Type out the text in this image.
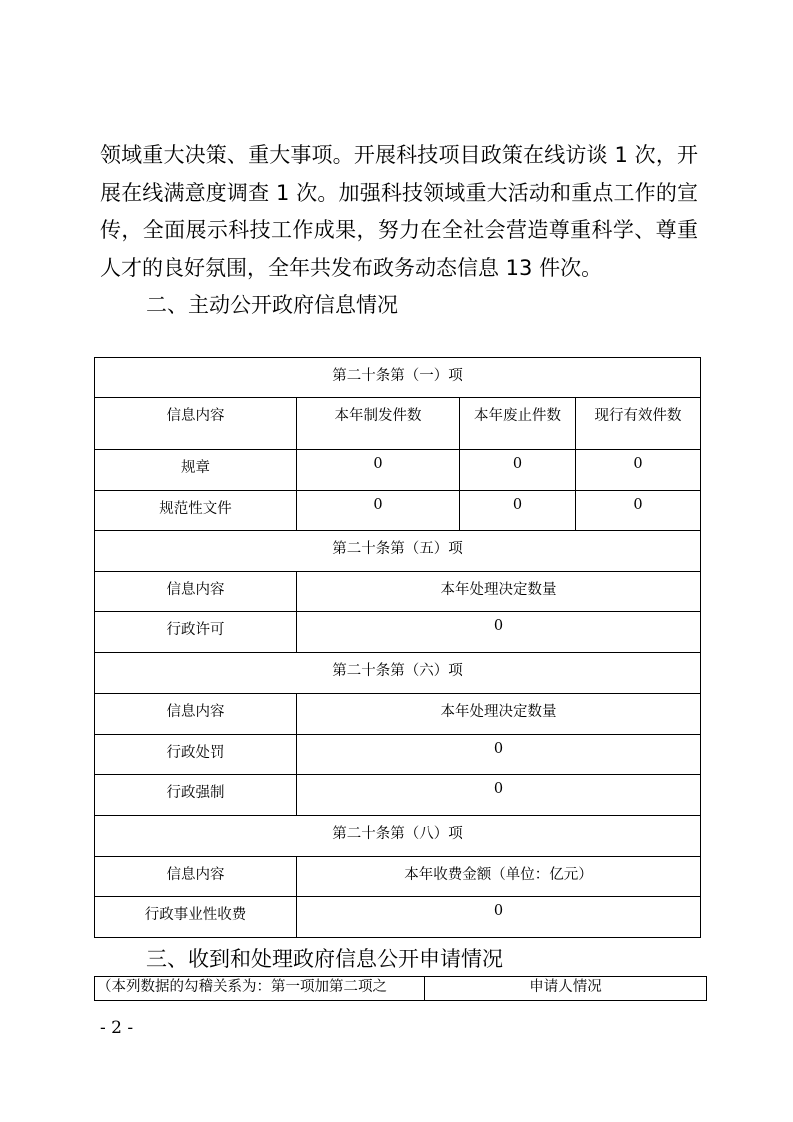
领域重大决策、重大事项。开展科技项目政策在线访谈 1 次，开
展在线满意度调查 1 次。加强科技领域重大活动和重点工作的宣
传，全面展示科技工作成果，努力在全社会营造尊重科学、尊重
人才的良好氛围，全年共发布政务动态信息 13 件次。
二、主动公开政府信息情况
第二十条第（一）项			
信息内容	本年制发件数	本年废止件数	现行有效件数
规章	0	0	0
规范性文件	0	0	0
第二十条第（五）项			
信息内容	本年处理决定数量		
行政许可	0		
第二十条第（六）项			
信息内容	本年处理决定数量		
行政处罚	0		
行政强制	0		
第二十条第（八）项			
信息内容	本年收费金额（单位：亿元）		
行政事业性收费	0		
三、收到和处理政府信息公开申请情况
（本列数据的勾稽关系为：第一项加第二项之	申请人情况
- 2 -
